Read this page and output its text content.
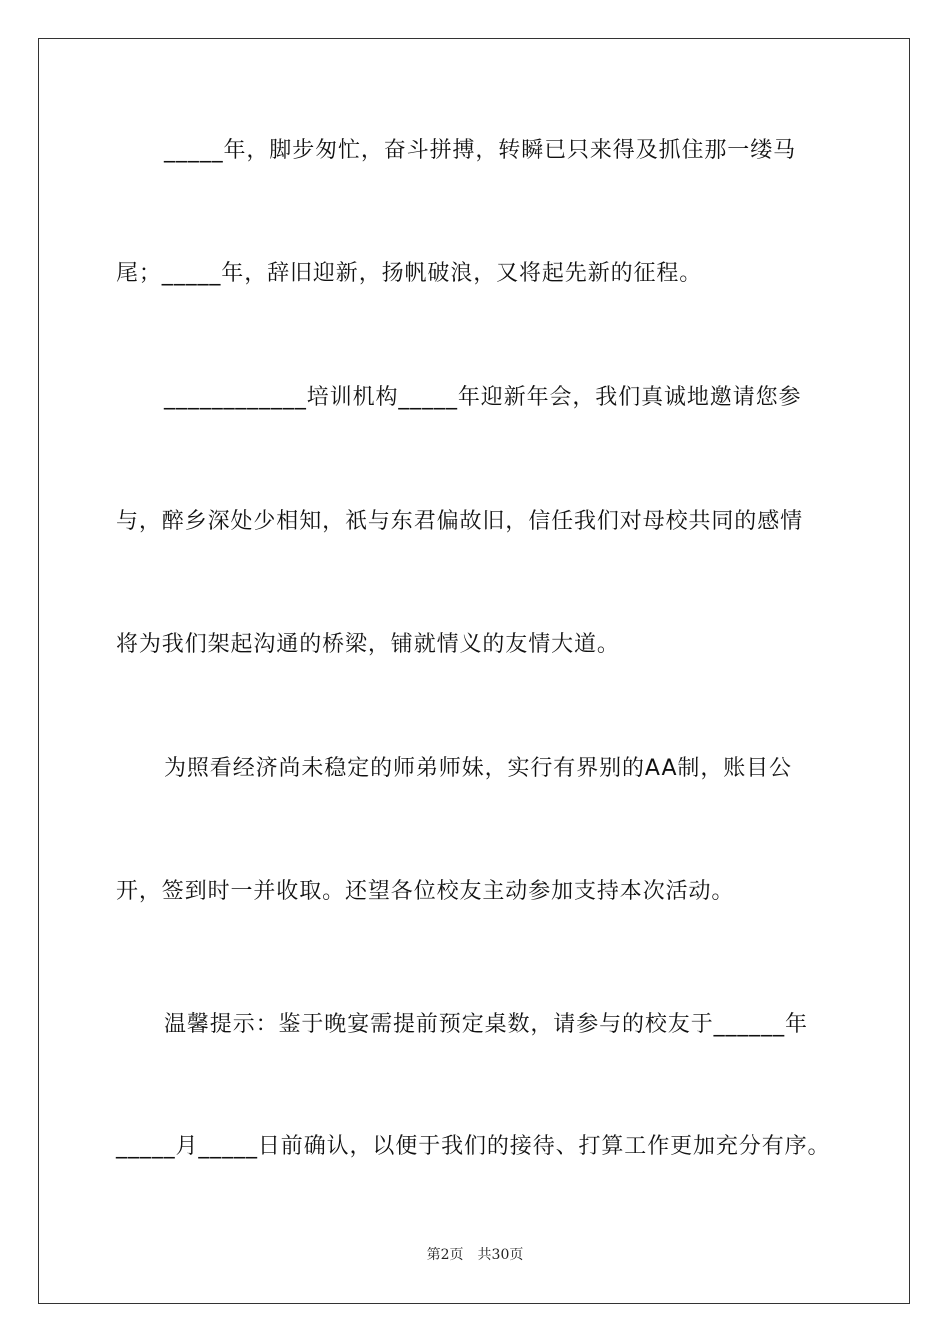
_____年，脚步匆忙，奋斗拼搏，转瞬已只来得及抓住那一缕马
尾；_____年，辞旧迎新，扬帆破浪，又将起先新的征程。
____________培训机构_____年迎新年会，我们真诚地邀请您参
与，醉乡深处少相知，祇与东君偏故旧，信任我们对母校共同的感情
将为我们架起沟通的桥梁，铺就情义的友情大道。
为照看经济尚未稳定的师弟师妹，实行有界别的AA制，账目公
开，签到时一并收取。还望各位校友主动参加支持本次活动。
温馨提示：鉴于晚宴需提前预定桌数，请参与的校友于______年
_____月_____日前确认，以便于我们的接待、打算工作更加充分有序。
第2页　共30页
